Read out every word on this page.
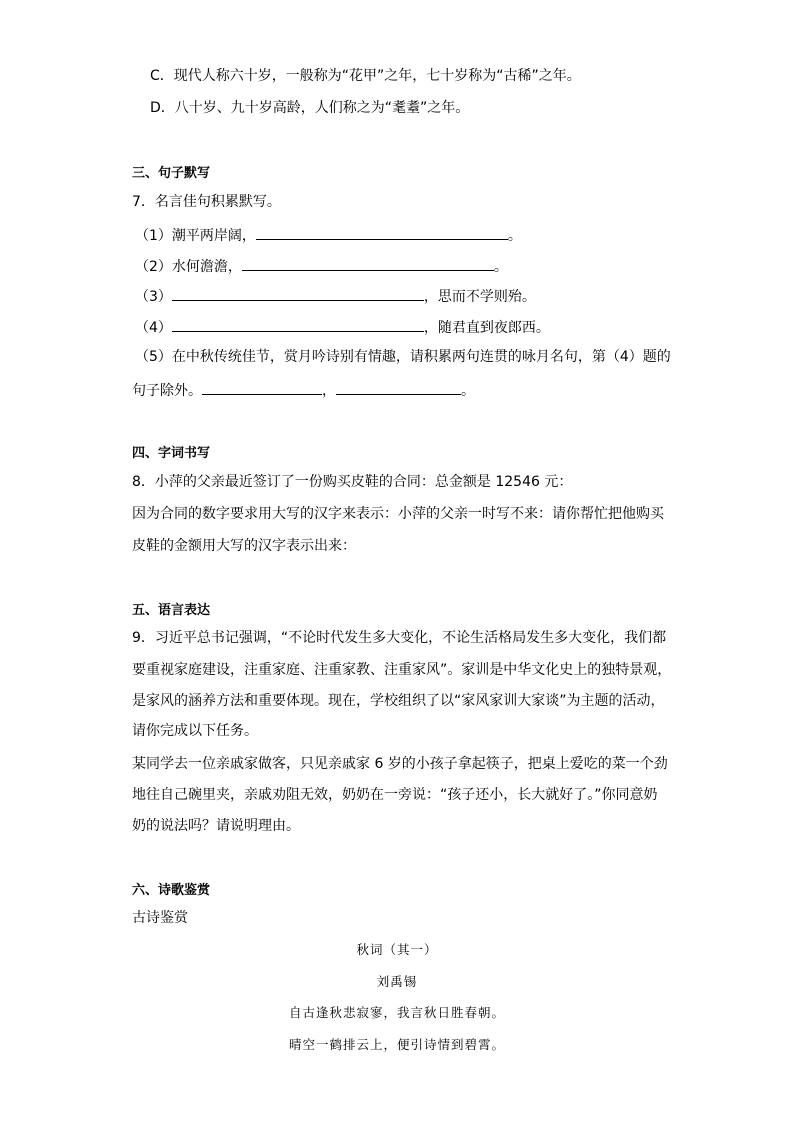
C．现代人称六十岁，一般称为“花甲”之年，七十岁称为“古稀”之年。
D．八十岁、九十岁高龄，人们称之为“耄耋”之年。
三、句子默写
7．名言佳句积累默写。
（1）潮平两岸阔，	。
（2）水何澹澹，	。
（3）	，思而不学则殆。
（4）	，随君直到夜郎西。
（5）在中秋传统佳节，赏月吟诗别有情趣，请积累两句连贯的咏月名句，第（4）题的
句子除外。	，	。
四、字词书写
8．小萍的父亲最近签订了一份购买皮鞋的合同：总金额是 12546 元：
因为合同的数字要求用大写的汉字来表示：小萍的父亲一时写不来：请你帮忙把他购买
皮鞋的金额用大写的汉字表示出来：
五、语言表达
9．习近平总书记强调，“不论时代发生多大变化，不论生活格局发生多大变化，我们都
要重视家庭建设，注重家庭、注重家教、注重家风”。家训是中华文化史上的独特景观，
是家风的涵养方法和重要体现。现在，学校组织了以“家风家训大家谈”为主题的活动，
请你完成以下任务。
某同学去一位亲戚家做客，只见亲戚家 6 岁的小孩子拿起筷子，把桌上爱吃的菜一个劲
地往自己碗里夹，亲戚劝阻无效，奶奶在一旁说：“孩子还小，长大就好了。”你同意奶
奶的说法吗？请说明理由。
六、诗歌鉴赏
古诗鉴赏
秋词（其一）
刘禹锡
自古逢秋悲寂寥，我言秋日胜春朝。
晴空一鹤排云上，便引诗情到碧霄。
